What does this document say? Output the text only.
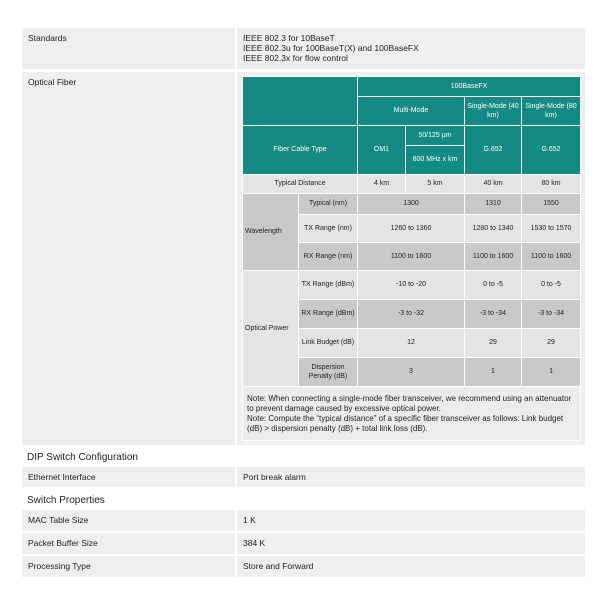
Standards	IEEE 802.3 for 10BaseT
IEEE 802.3u for 100BaseT(X) and 100BaseFX
IEEE 802.3x for flow control
Optical Fiber
		100BaseFX			
		Multi-Mode		Single-Mode (40 km)	Single-Mode (80 km)
Fiber Cable Type		OM1	50/125 µm	G.652	G.652
			800 MHz x km		
Typical Distance		4 km	5 km	40 km	80 km
Wavelength	Typical (nm)	1300		1310	1550
	TX Range (nm)	1260 to 1360		1280 to 1340	1530 to 1570
	RX Range (nm)	1100 to 1600		1100 to 1600	1100 to 1600
Optical Power	TX Range (dBm)	-10 to -20		0 to -5	0 to -5
	RX Range (dBm)	-3 to -32		-3 to -34	-3 to -34
	Link Budget (dB)	12		29	29
	Dispersion Penalty (dB)	3		1	1

Note: When connecting a single-mode fiber transceiver, we recommend using an attenuator to prevent damage caused by excessive optical power.
Note: Compute the “typical distance” of a specific fiber transceiver as follows: Link budget (dB) > dispersion penalty (dB) + total link loss (dB).					
DIP Switch Configuration
Ethernet Interface	Port break alarm
Switch Properties
MAC Table Size	1 K
Packet Buffer Size	384 K
Processing Type	Store and Forward
